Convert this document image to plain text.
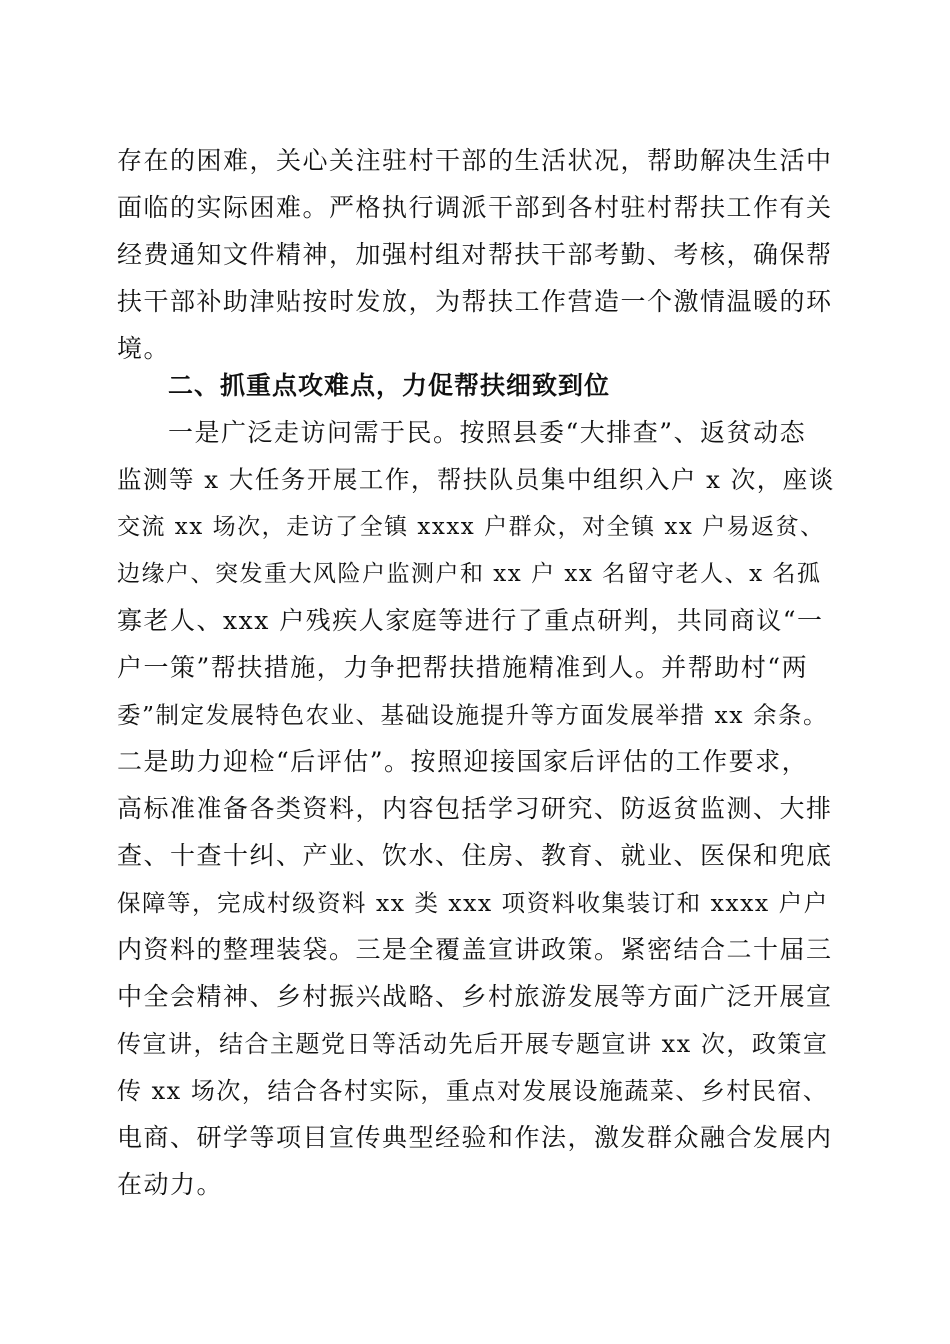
存在的困难，关心关注驻村干部的生活状况，帮助解决生活中
面临的实际困难。严格执行调派干部到各村驻村帮扶工作有关
经费通知文件精神，加强村组对帮扶干部考勤、考核，确保帮
扶干部补助津贴按时发放，为帮扶工作营造一个激情温暖的环
境。
二、抓重点攻难点，力促帮扶细致到位
一是广泛走访问需于民。按照县委“大排查”、返贫动态
监测等 x 大任务开展工作，帮扶队员集中组织入户 x 次，座谈
交流 xx 场次，走访了全镇 xxxx 户群众，对全镇 xx 户易返贫、
边缘户、突发重大风险户监测户和 xx 户 xx 名留守老人、x 名孤
寡老人、xxx 户残疾人家庭等进行了重点研判，共同商议“一
户一策”帮扶措施，力争把帮扶措施精准到人。并帮助村“两
委”制定发展特色农业、基础设施提升等方面发展举措 xx 余条。
二是助力迎检“后评估”。按照迎接国家后评估的工作要求，
高标准准备各类资料，内容包括学习研究、防返贫监测、大排
查、十查十纠、产业、饮水、住房、教育、就业、医保和兜底
保障等，完成村级资料 xx 类 xxx 项资料收集装订和 xxxx 户户
内资料的整理装袋。三是全覆盖宣讲政策。紧密结合二十届三
中全会精神、乡村振兴战略、乡村旅游发展等方面广泛开展宣
传宣讲，结合主题党日等活动先后开展专题宣讲 xx 次，政策宣
传 xx 场次，结合各村实际，重点对发展设施蔬菜、乡村民宿、
电商、研学等项目宣传典型经验和作法，激发群众融合发展内
在动力。
